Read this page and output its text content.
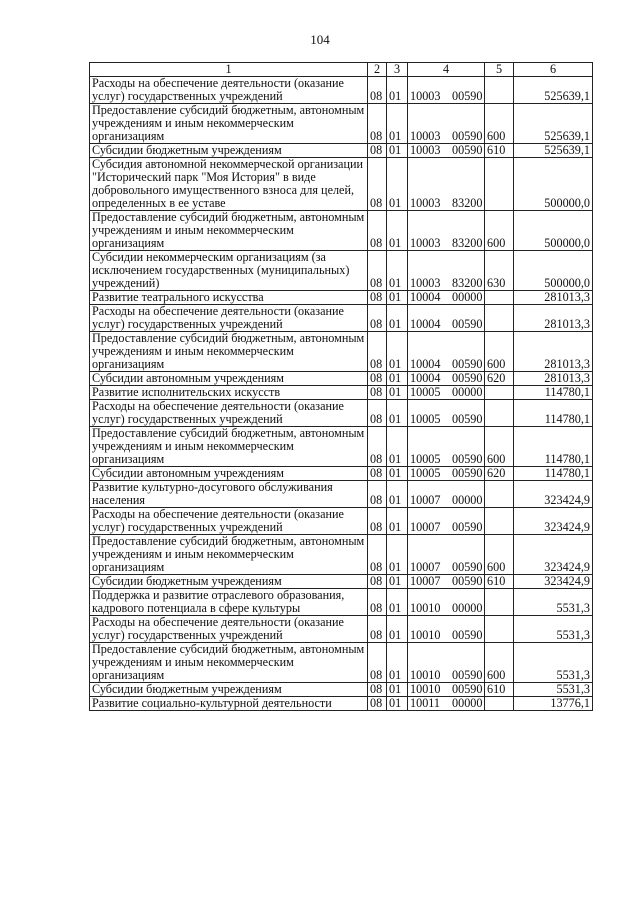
104
1	2	3	4	5	6
Расходы на обеспечение деятельности (оказание услуг) государственных учреждений	08	01	10003 00590		525639,1
Предоставление субсидий бюджетным, автономным учреждениям и иным некоммерческим организациям	08	01	10003 00590	600	525639,1
Субсидии бюджетным учреждениям	08	01	10003 00590	610	525639,1
Субсидия автономной некоммерческой организации "Исторический парк "Моя История" в виде добровольного имущественного взноса для целей, определенных в ее уставе	08	01	10003 83200		500000,0
Предоставление субсидий бюджетным, автономным учреждениям и иным некоммерческим организациям	08	01	10003 83200	600	500000,0
Субсидии некоммерческим организациям (за исключением государственных (муниципальных) учреждений)	08	01	10003 83200	630	500000,0
Развитие театрального искусства	08	01	10004 00000		281013,3
Расходы на обеспечение деятельности (оказание услуг) государственных учреждений	08	01	10004 00590		281013,3
Предоставление субсидий бюджетным, автономным учреждениям и иным некоммерческим организациям	08	01	10004 00590	600	281013,3
Субсидии автономным учреждениям	08	01	10004 00590	620	281013,3
Развитие исполнительских искусств	08	01	10005 00000		114780,1
Расходы на обеспечение деятельности (оказание услуг) государственных учреждений	08	01	10005 00590		114780,1
Предоставление субсидий бюджетным, автономным учреждениям и иным некоммерческим организациям	08	01	10005 00590	600	114780,1
Субсидии автономным учреждениям	08	01	10005 00590	620	114780,1
Развитие культурно-досугового обслуживания населения	08	01	10007 00000		323424,9
Расходы на обеспечение деятельности (оказание услуг) государственных учреждений	08	01	10007 00590		323424,9
Предоставление субсидий бюджетным, автономным учреждениям и иным некоммерческим организациям	08	01	10007 00590	600	323424,9
Субсидии бюджетным учреждениям	08	01	10007 00590	610	323424,9
Поддержка и развитие отраслевого образования, кадрового потенциала в сфере культуры	08	01	10010 00000		5531,3
Расходы на обеспечение деятельности (оказание услуг) государственных учреждений	08	01	10010 00590		5531,3
Предоставление субсидий бюджетным, автономным учреждениям и иным некоммерческим организациям	08	01	10010 00590	600	5531,3
Субсидии бюджетным учреждениям	08	01	10010 00590	610	5531,3
Развитие социально-культурной деятельности	08	01	10011 00000		13776,1
